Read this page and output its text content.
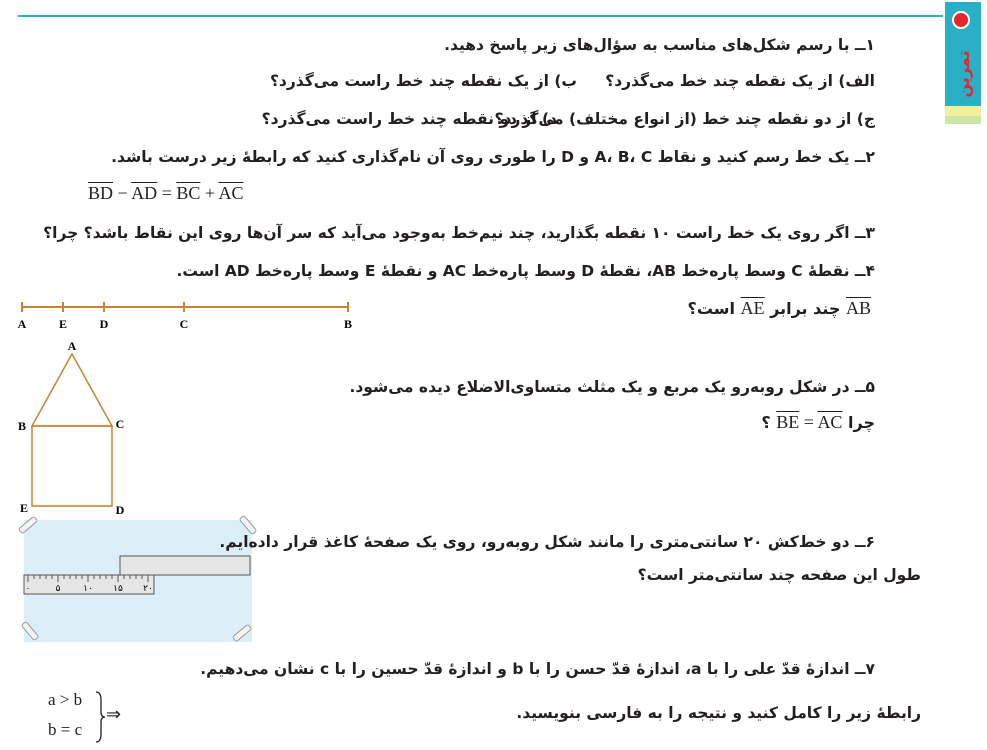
تمرین
۱ــ با رسم شکل‌های مناسب به سؤال‌های زیر پاسخ دهید.
الف) از یک نقطه چند خط می‌گذرد؟
ب) از یک نقطه چند خط راست می‌گذرد؟
ج) از دو نقطه چند خط (از انواع مختلف) می‌گذرد؟
د) از دو نقطه چند خط راست می‌گذرد؟
۲ــ یک خط رسم کنید و نقاط A، B، C و D را طوری روی آن نام‌گذاری کنید که رابطهٔ زیر درست باشد.
$\overline{BD} - \overline{AD} = \overline{BC} + \overline{AC}$
۳ــ اگر روی یک خط راست ۱۰ نقطه بگذارید، چند نیم‌خط به‌وجود می‌آید که سر آن‌ها روی این نقاط باشد؟ چرا؟
۴ــ نقطهٔ C وسط پاره‌خط AB، نقطهٔ D وسط پاره‌خط AC و نقطهٔ E وسط پاره‌خط AD است.
AB چند برابر AE است؟
A	E	D	C	B
A
B	C
D
E
۵ــ در شکل روبه‌رو یک مربع و یک مثلث متساوی‌الاضلاع دیده می‌شود.
چرا $\overline{BE} = \overline{AC}$ ؟
۰	۵	۱۰ ۱۵ ۲۰
۶ــ دو خط‌کش ۲۰ سانتی‌متری را مانند شکل روبه‌رو، روی یک صفحهٔ کاغذ قرار داده‌ایم.
طول این صفحه چند سانتی‌متر است؟
۷ــ اندازهٔ قدّ علی را با a، اندازهٔ قدّ حسن را با b و اندازهٔ قدّ حسین را با c نشان می‌دهیم.
رابطهٔ زیر را کامل کنید و نتیجه را به فارسی بنویسید.
a > b
b = c
⇒
